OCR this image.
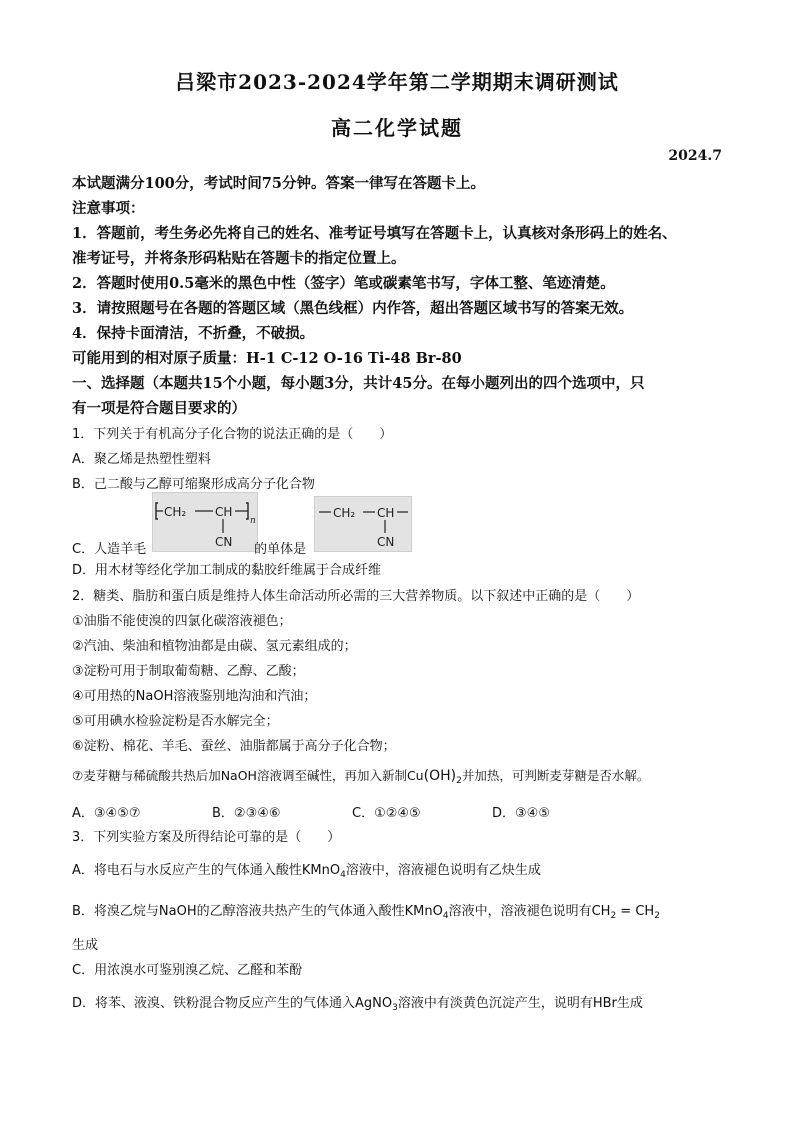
吕梁市2023-2024学年第二学期期末调研测试
高二化学试题
2024.7
本试题满分100分，考试时间75分钟。答案一律写在答题卡上。
注意事项：
1．答题前，考生务必先将自己的姓名、准考证号填写在答题卡上，认真核对条形码上的姓名、
准考证号，并将条形码粘贴在答题卡的指定位置上。
2．答题时使用0.5毫米的黑色中性（签字）笔或碳素笔书写，字体工整、笔迹清楚。
3．请按照题号在各题的答题区域（黑色线框）内作答，超出答题区域书写的答案无效。
4．保持卡面清洁，不折叠，不破损。
可能用到的相对原子质量：H-1 C-12 O-16 Ti-48 Br-80
一、选择题（本题共15个小题，每小题3分，共计45分。在每小题列出的四个选项中，只
有一项是符合题目要求的）
1．下列关于有机高分子化合物的说法正确的是（　　）
A．聚乙烯是热塑性塑料
B．己二酸与乙醇可缩聚形成高分子化合物
CH₂ CH
n
CN
CH₂ CH
CN
C．人造羊毛	的单体是
D．用木材等经化学加工制成的黏胶纤维属于合成纤维
2．糖类、脂肪和蛋白质是维持人体生命活动所必需的三大营养物质。以下叙述中正确的是（　　）
①油脂不能使溴的四氯化碳溶液褪色；
②汽油、柴油和植物油都是由碳、氢元素组成的；
③淀粉可用于制取葡萄糖、乙醇、乙酸；
④可用热的NaOH溶液鉴别地沟油和汽油；
⑤可用碘水检验淀粉是否水解完全；
⑥淀粉、棉花、羊毛、蚕丝、油脂都属于高分子化合物；
⑦麦芽糖与稀硫酸共热后加NaOH溶液调至碱性，再加入新制$Cu(OH)_2$并加热，可判断麦芽糖是否水解。
A．③④⑤⑦	B．②③④⑥	C．①②④⑤	D．③④⑤
3．下列实验方案及所得结论可靠的是（　　）
A．将电石与水反应产生的气体通入酸性KMnO$_4$溶液中，溶液褪色说明有乙炔生成
B．将溴乙烷与NaOH的乙醇溶液共热产生的气体通入酸性KMnO$_4$溶液中，溶液褪色说明有$CH_2 = CH_2$
生成
C．用浓溴水可鉴别溴乙烷、乙醛和苯酚
D．将苯、液溴、铁粉混合物反应产生的气体通入AgNO$_3$溶液中有淡黄色沉淀产生，说明有HBr生成
